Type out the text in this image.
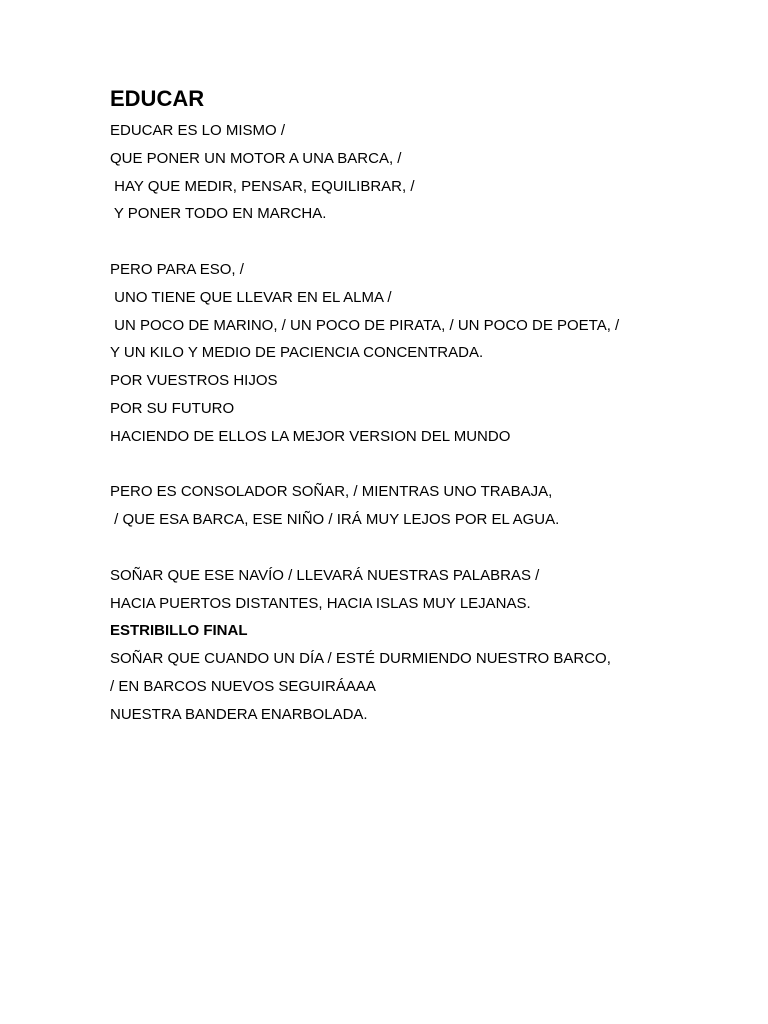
EDUCAR

EDUCAR ES LO MISMO /

QUE PONER UN MOTOR A UNA BARCA, /

HAY QUE MEDIR, PENSAR, EQUILIBRAR, /

Y PONER TODO EN MARCHA.

PERO PARA ESO, /

UNO TIENE QUE LLEVAR EN EL ALMA /

UN POCO DE MARINO, / UN POCO DE PIRATA, / UN POCO DE POETA, /

Y UN KILO Y MEDIO DE PACIENCIA CONCENTRADA.

POR VUESTROS HIJOS

POR SU FUTURO

HACIENDO DE ELLOS LA MEJOR VERSION DEL MUNDO

PERO ES CONSOLADOR SOÑAR, / MIENTRAS UNO TRABAJA,

/ QUE ESA BARCA, ESE NIÑO / IRÁ MUY LEJOS POR EL AGUA.

SOÑAR QUE ESE NAVÍO / LLEVARÁ NUESTRAS PALABRAS /

HACIA PUERTOS DISTANTES, HACIA ISLAS MUY LEJANAS.

ESTRIBILLO FINAL

SOÑAR QUE CUANDO UN DÍA / ESTÉ DURMIENDO NUESTRO BARCO,

/ EN BARCOS NUEVOS SEGUIRÁAAA

NUESTRA BANDERA ENARBOLADA.
